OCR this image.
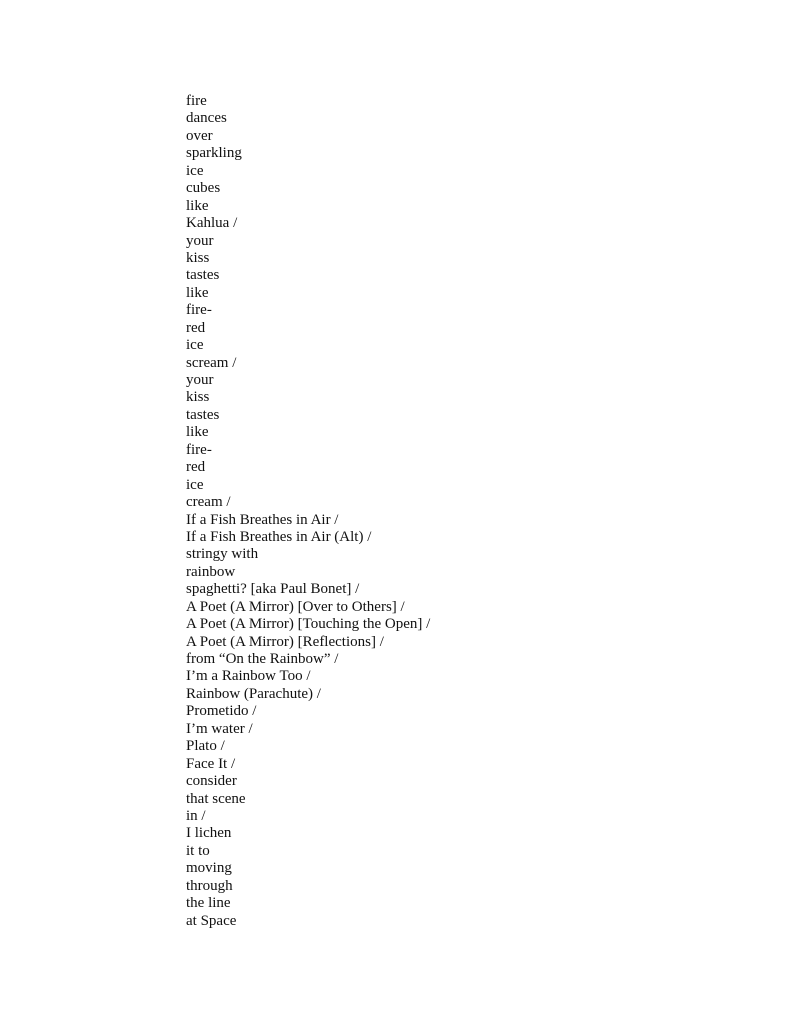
fire
dances
over
sparkling
ice
cubes
like
Kahlua /
your
kiss
tastes
like
fire-
red
ice
scream /
your
kiss
tastes
like
fire-
red
ice
cream /
If a Fish Breathes in Air /
If a Fish Breathes in Air (Alt) /
stringy with
rainbow
spaghetti? [aka Paul Bonet] /
A Poet (A Mirror) [Over to Others] /
A Poet (A Mirror) [Touching the Open] /
A Poet (A Mirror) [Reflections] /
from “On the Rainbow” /
I’m a Rainbow Too /
Rainbow (Parachute) /
Prometido /
I’m water /
Plato /
Face It /
consider
that scene
in /
I lichen
it to
moving
through
the line
at Space
